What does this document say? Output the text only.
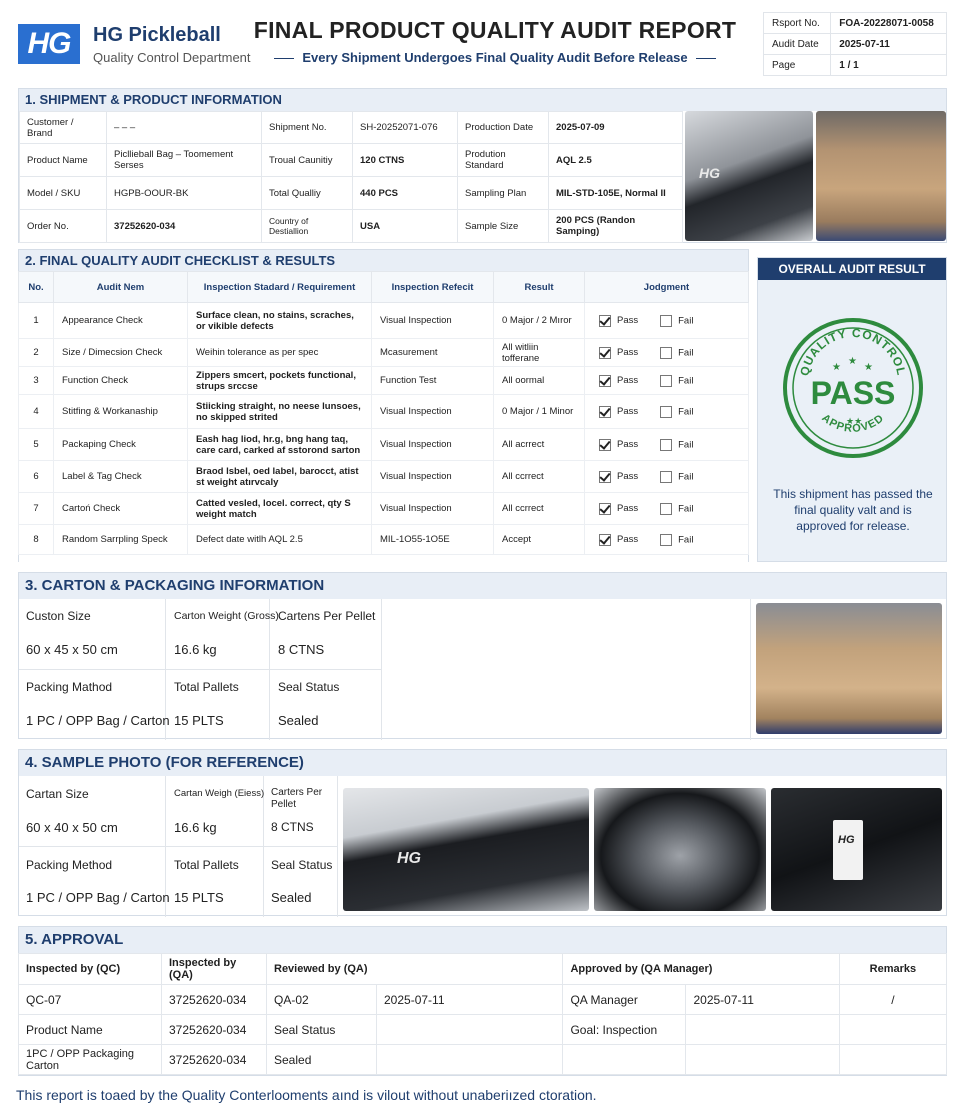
HG	HG Pickleball
Quality Control Department
FINAL PRODUCT QUALITY AUDIT REPORT
Every Shipment Undergoes Final Quality Audit Before Release
Rsport No.	FOA-20228071-0058
Audit Date	2025-07-11
Page	1 / 1
1. SHIPMENT & PRODUCT INFORMATION
Customer / Brand	– – –	Shipment No.	SH-20252071-076	Production Date	2025-07-09
Product Name	Picllieball Bag – Toomement Serses	Troual Caunitiy	120 CTNS	Prodution Standard	AQL 2.5
Model / SKU	HGPB-OOUR-BK	Total Qualliy	440 PCS	Sampling Plan	MIL-STD-105E, Normal II
Order No.	37252620-034	Country of Destiallion	USA	Sample Size	200 PCS (Randon Samping)
HG
2. FINAL QUALITY AUDIT CHECKLIST & RESULTS
No.	Audit Nem	Inspection Stadard / Requirement	Inspection Refecit	Result	Jodgment
1	Appearance Check	Surface clean, no stains, scraches, or vikible defects	Visual Inspection	0 Major / 2 Mıror	Pass Fail
2	Size / Dimecsion Check	Weihin tolerance as per spec	Mcasurement	All witliin tofferane	Pass Fail
3	Function Check	Zippers smcert, pockets functional, strups srccse	Function Test	All oormal	Pass Fail
4	Stitfing & Workanaship	Stiicking straight, no neese lunsoes, no skipped strited	Visual Inspection	0 Major / 1 Minor	Pass Fail
5	Packaping Check	Eash hag liod, hr.g, bng hang taq, care card, carked af sstorond sarton	Visual Inspection	All acrrect	Pass Fail
6	Label & Tag Check	Braod lsbel, oed label, barocct, atist st weight atırvcaly	Visual Inspection	All ccrrect	Pass Fail
7	Cartoń Check	Catted vesled, locel. correct, qty S weight match	Visual Inspection	All ccrrect	Pass Fail
8	Random Sarrpling Speck	Defect date witlh AQL 2.5	MIL-1O55-1O5E	Accept	Pass Fail
OVERALL AUDIT RESULT
QUALITY CONTROL
APPROVED
★
★
★
PASS
★★
This shipment has passed the final quality valt and is approved for release.
3. CARTON & PACKAGING INFORMATION
Custon Size
60 x 45 x 50 cm
Carton Weight (Gross)
16.6 kg
Cartens Per Pellet
8 CTNS
Packing Mathod
1 PC / OPP Bag / Carton
Total Pallets
15 PLTS
Seal Status
Sealed
4. SAMPLE PHOTO (FOR REFERENCE)
Cartan Size
60 x 40 x 50 cm
Cartan Weigh (Eiess)
16.6 kg
Carters Per Pellet
8 CTNS
Packing Method
1 PC / OPP Bag / Carton
Total Pallets
15 PLTS
Seal Status
Sealed
HG
HG
5. APPROVAL
Inspected by (QC)	Inspected by (QA)	Reviewed by (QA)		Approved by (QA Manager)		Remarks
QC-07	37252620-034	QA-02	2025-07-11	QA Manager	2025-07-11	/
Product Name	37252620-034	Seal Status		Goal: Inspection		
1PC / OPP Packaging Carton	37252620-034	Sealed				
This report is toaed by the Quality Conterlooments aınd is vilout without unaberiızed ctoration.
